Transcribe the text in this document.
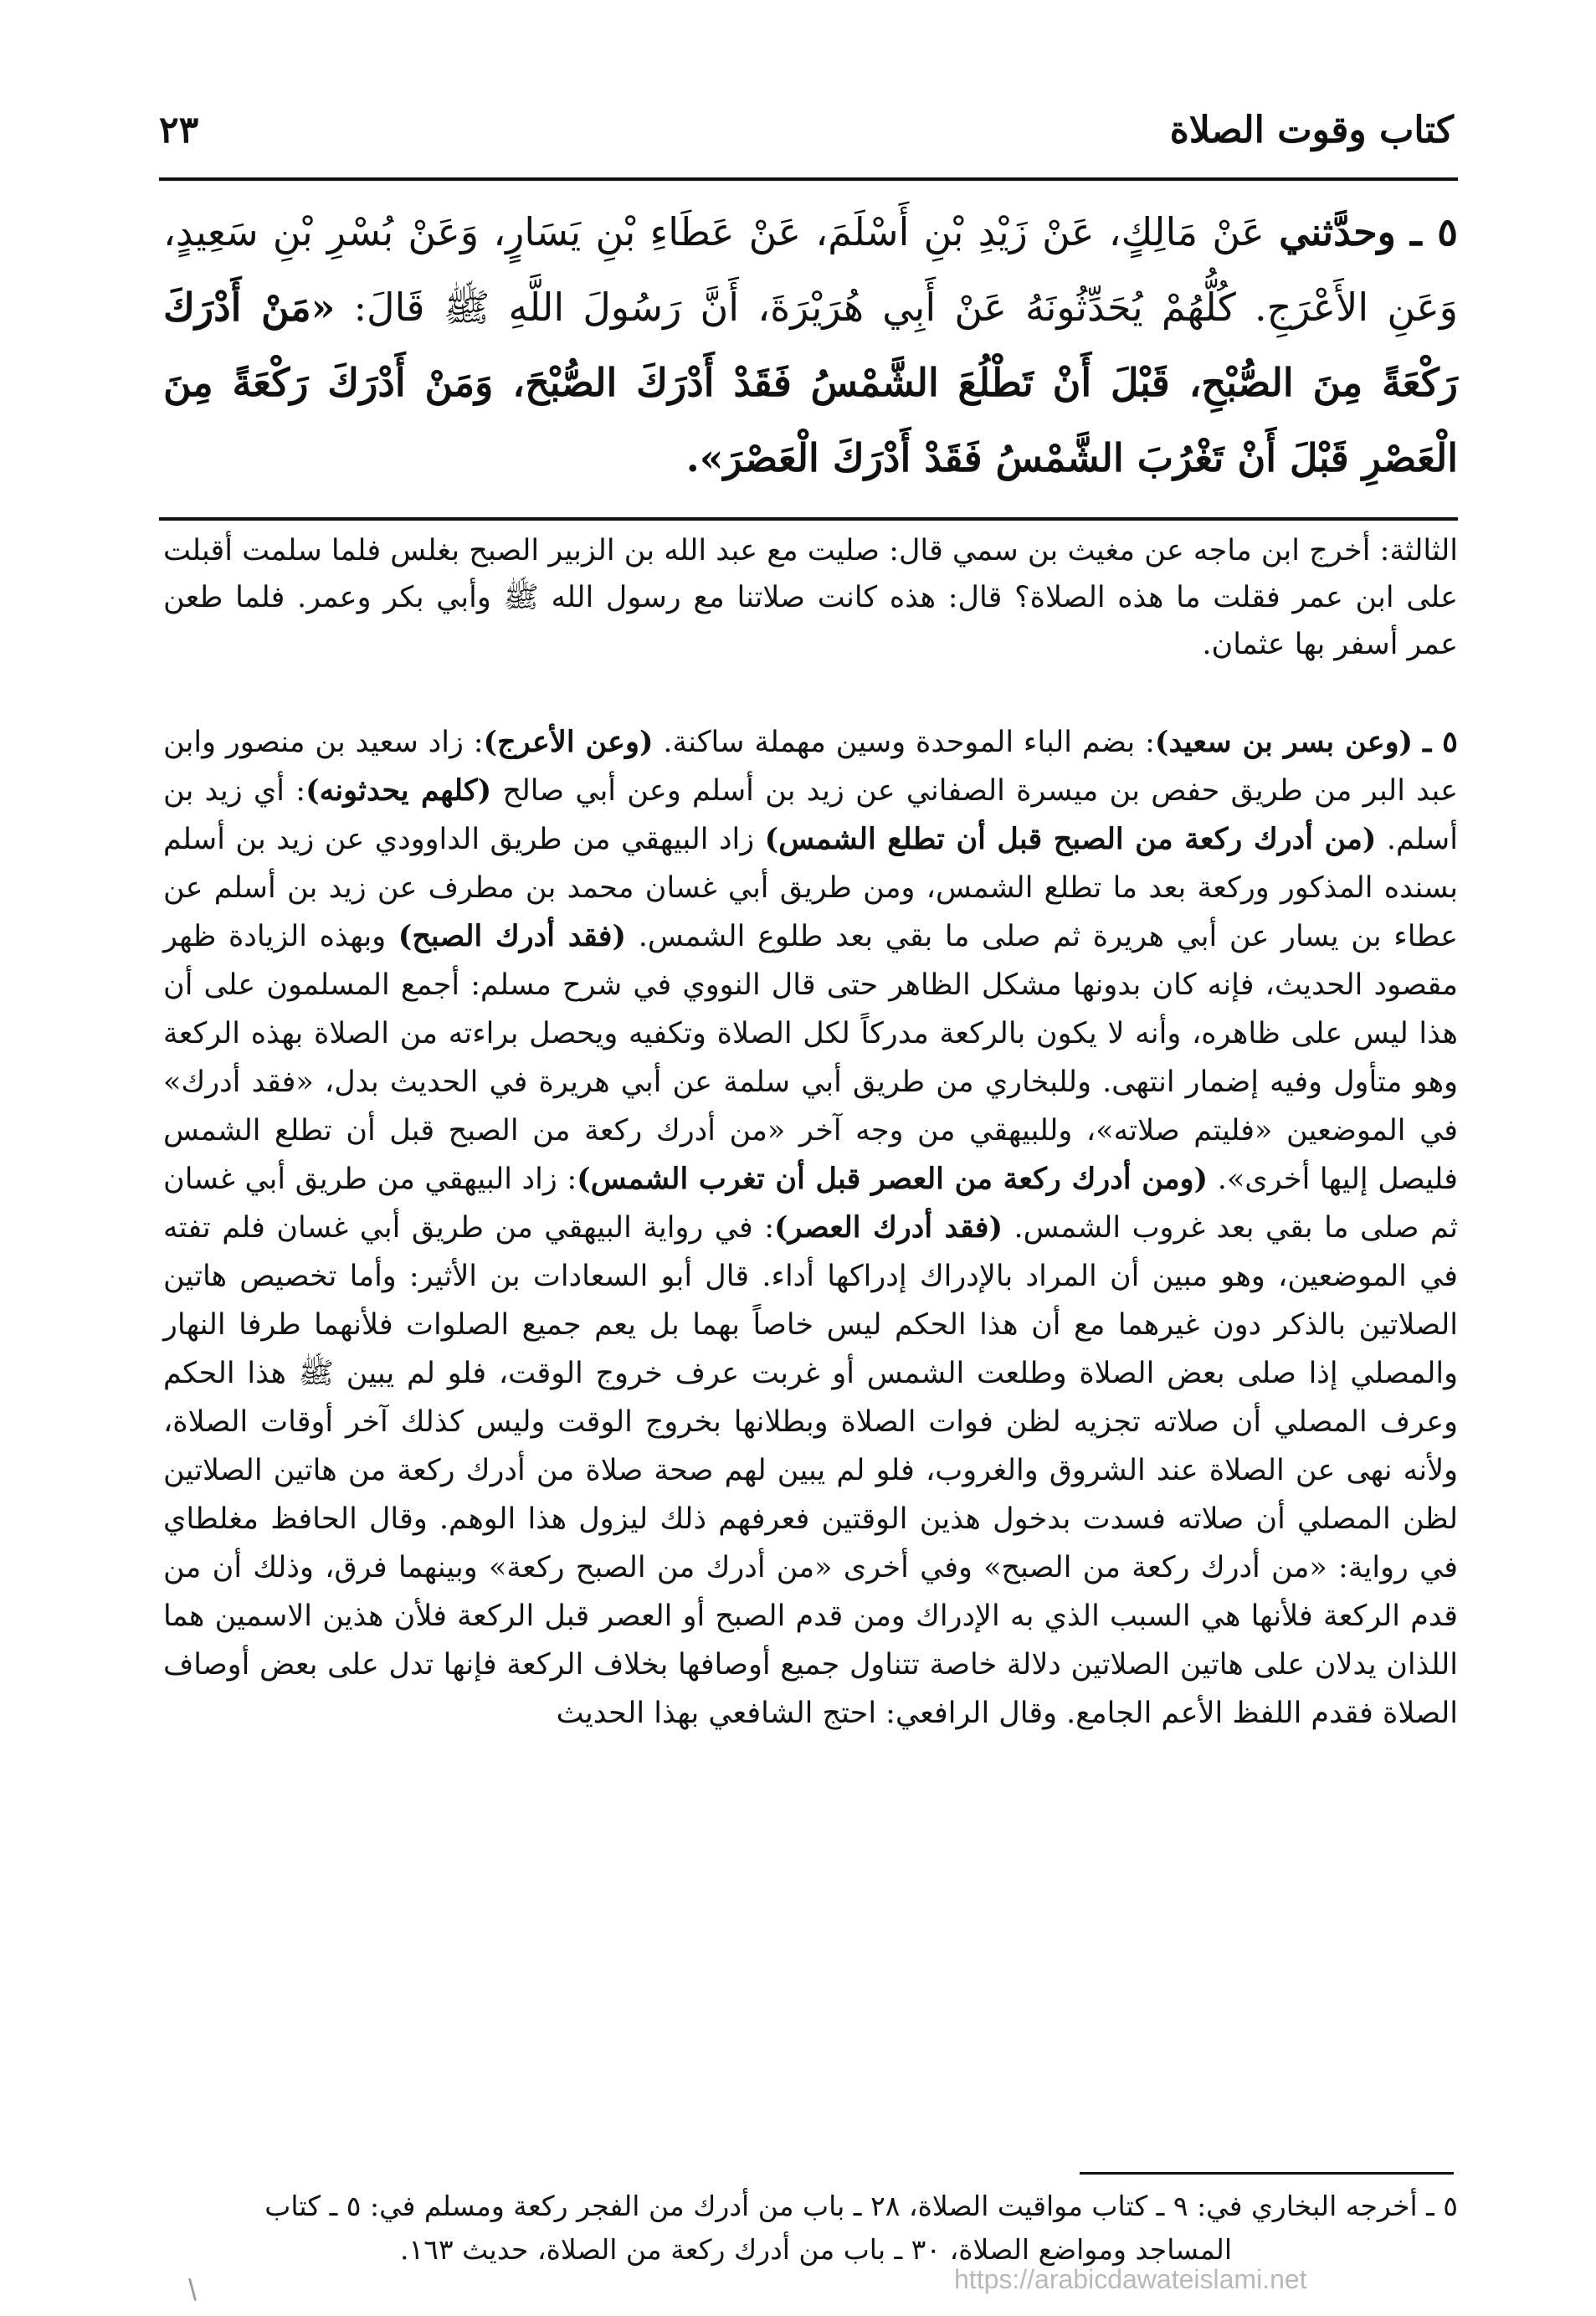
كتاب وقوت الصلاة
٢٣
٥ ـ وحدَّثني عَنْ مَالِكٍ، عَنْ زَيْدِ بْنِ أَسْلَمَ، عَنْ عَطَاءِ بْنِ يَسَارٍ، وَعَنْ بُسْرِ بْنِ سَعِيدٍ، وَعَنِ الأَعْرَجِ. كُلُّهُمْ يُحَدِّثُونَهُ عَنْ أَبِي هُرَيْرَةَ، أَنَّ رَسُولَ اللَّهِ ﷺ قَالَ: «مَنْ أَدْرَكَ رَكْعَةً مِنَ الصُّبْحِ، قَبْلَ أَنْ تَطْلُعَ الشَّمْسُ فَقَدْ أَدْرَكَ الصُّبْحَ، وَمَنْ أَدْرَكَ رَكْعَةً مِنَ الْعَصْرِ قَبْلَ أَنْ تَغْرُبَ الشَّمْسُ فَقَدْ أَدْرَكَ الْعَصْرَ».
الثالثة: أخرج ابن ماجه عن مغيث بن سمي قال: صليت مع عبد الله بن الزبير الصبح بغلس فلما سلمت أقبلت على ابن عمر فقلت ما هذه الصلاة؟ قال: هذه كانت صلاتنا مع رسول الله ﷺ وأبي بكر وعمر. فلما طعن عمر أسفر بها عثمان.
٥ ـ (وعن بسر بن سعيد): بضم الباء الموحدة وسين مهملة ساكنة. (وعن الأعرج): زاد سعيد بن منصور وابن عبد البر من طريق حفص بن ميسرة الصفاني عن زيد بن أسلم وعن أبي صالح (كلهم يحدثونه): أي زيد بن أسلم. (من أدرك ركعة من الصبح قبل أن تطلع الشمس) زاد البيهقي من طريق الداوودي عن زيد بن أسلم بسنده المذكور وركعة بعد ما تطلع الشمس، ومن طريق أبي غسان محمد بن مطرف عن زيد بن أسلم عن عطاء بن يسار عن أبي هريرة ثم صلى ما بقي بعد طلوع الشمس. (فقد أدرك الصبح) وبهذه الزيادة ظهر مقصود الحديث، فإنه كان بدونها مشكل الظاهر حتى قال النووي في شرح مسلم: أجمع المسلمون على أن هذا ليس على ظاهره، وأنه لا يكون بالركعة مدركاً لكل الصلاة وتكفيه ويحصل براءته من الصلاة بهذه الركعة وهو متأول وفيه إضمار انتهى. وللبخاري من طريق أبي سلمة عن أبي هريرة في الحديث بدل، «فقد أدرك» في الموضعين «فليتم صلاته»، وللبيهقي من وجه آخر «من أدرك ركعة من الصبح قبل أن تطلع الشمس فليصل إليها أخرى». (ومن أدرك ركعة من العصر قبل أن تغرب الشمس): زاد البيهقي من طريق أبي غسان ثم صلى ما بقي بعد غروب الشمس. (فقد أدرك العصر): في رواية البيهقي من طريق أبي غسان فلم تفته في الموضعين، وهو مبين أن المراد بالإدراك إدراكها أداء. قال أبو السعادات بن الأثير: وأما تخصيص هاتين الصلاتين بالذكر دون غيرهما مع أن هذا الحكم ليس خاصاً بهما بل يعم جميع الصلوات فلأنهما طرفا النهار والمصلي إذا صلى بعض الصلاة وطلعت الشمس أو غربت عرف خروج الوقت، فلو لم يبين ﷺ هذا الحكم وعرف المصلي أن صلاته تجزيه لظن فوات الصلاة وبطلانها بخروج الوقت وليس كذلك آخر أوقات الصلاة، ولأنه نهى عن الصلاة عند الشروق والغروب، فلو لم يبين لهم صحة صلاة من أدرك ركعة من هاتين الصلاتين لظن المصلي أن صلاته فسدت بدخول هذين الوقتين فعرفهم ذلك ليزول هذا الوهم. وقال الحافظ مغلطاي في رواية: «من أدرك ركعة من الصبح» وفي أخرى «من أدرك من الصبح ركعة» وبينهما فرق، وذلك أن من قدم الركعة فلأنها هي السبب الذي به الإدراك ومن قدم الصبح أو العصر قبل الركعة فلأن هذين الاسمين هما اللذان يدلان على هاتين الصلاتين دلالة خاصة تتناول جميع أوصافها بخلاف الركعة فإنها تدل على بعض أوصاف الصلاة فقدم اللفظ الأعم الجامع. وقال الرافعي: احتج الشافعي بهذا الحديث
٥ ـ أخرجه البخاري في: ٩ ـ كتاب مواقيت الصلاة، ٢٨ ـ باب من أدرك من الفجر ركعة ومسلم في: ٥ ـ كتاب
المساجد ومواضع الصلاة، ٣٠ ـ باب من أدرك ركعة من الصلاة، حديث ١٦٣.
\	https://arabicdawateislami.net
